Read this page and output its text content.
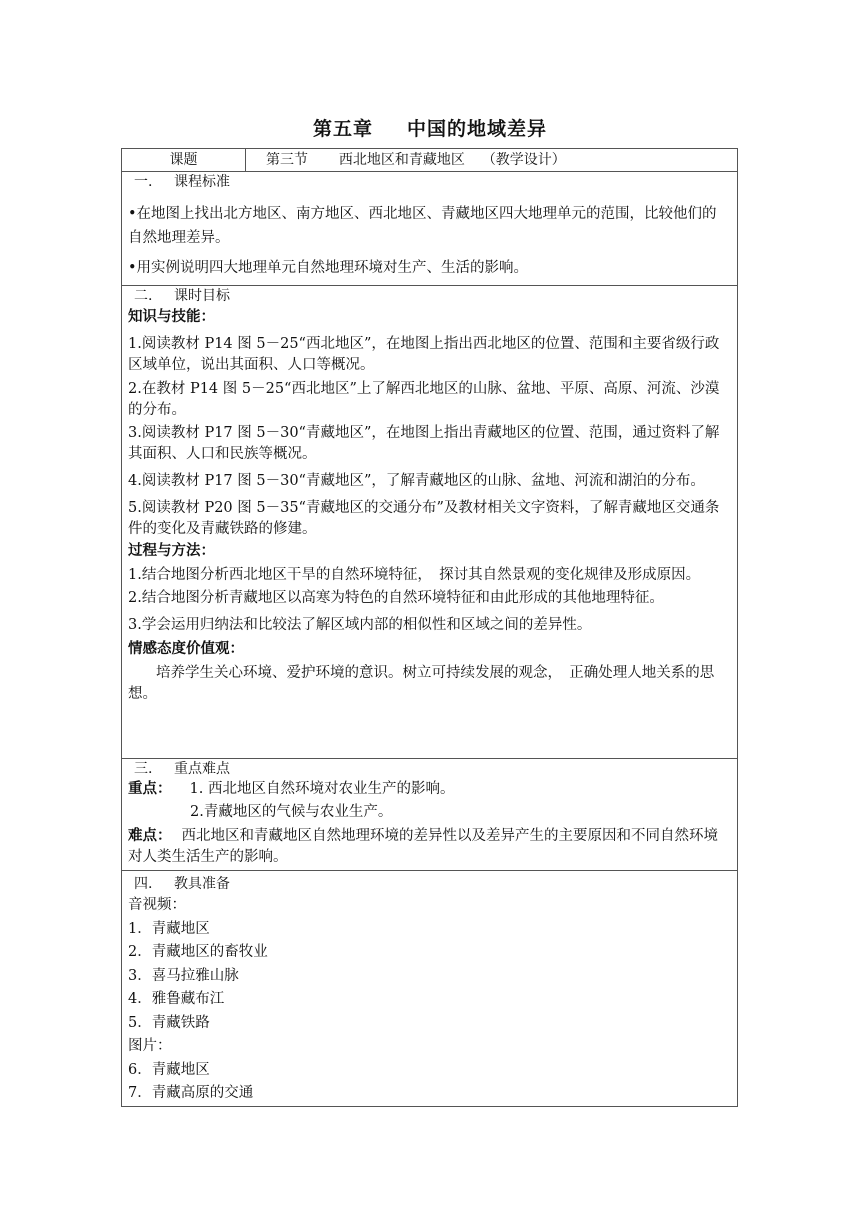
第五章 中国的地域差异
课题	第三节 西北地区和青藏地区 （教学设计）

一. 课程标准

•在地图上找出北方地区、南方地区、西北地区、青藏地区四大地理单元的范围，比较他们的自然地理差异。

•用实例说明四大地理单元自然地理环境对生产、生活的影响。

二. 课时目标

知识与技能：

1.阅读教材 P14 图 5－25“西北地区”，在地图上指出西北地区的位置、范围和主要省级行政区域单位，说出其面积、人口等概况。

2.在教材 P14 图 5－25“西北地区”上了解西北地区的山脉、盆地、平原、高原、河流、沙漠的分布。

3.阅读教材 P17 图 5－30“青藏地区”，在地图上指出青藏地区的位置、范围，通过资料了解其面积、人口和民族等概况。

4.阅读教材 P17 图 5－30“青藏地区”，了解青藏地区的山脉、盆地、河流和湖泊的分布。

5.阅读教材 P20 图 5－35“青藏地区的交通分布”及教材相关文字资料，了解青藏地区交通条件的变化及青藏铁路的修建。

过程与方法：

1.结合地图分析西北地区干旱的自然环境特征，　探讨其自然景观的变化规律及形成原因。

2.结合地图分析青藏地区以高寒为特色的自然环境特征和由此形成的其他地理特征。

3.学会运用归纳法和比较法了解区域内部的相似性和区域之间的差异性。

情感态度价值观：

培养学生关心环境、爱护环境的意识。树立可持续发展的观念，　正确处理人地关系的思想。

三. 重点难点

重点： 1. 西北地区自然环境对农业生产的影响。

2.青藏地区的气候与农业生产。

难点： 西北地区和青藏地区自然地理环境的差异性以及差异产生的主要原因和不同自然环境对人类生活生产的影响。

四. 教具准备

音视频：

1．青藏地区

2．青藏地区的畜牧业

3．喜马拉雅山脉

4．雅鲁藏布江

5．青藏铁路

图片：

6．青藏地区

7．青藏高原的交通
